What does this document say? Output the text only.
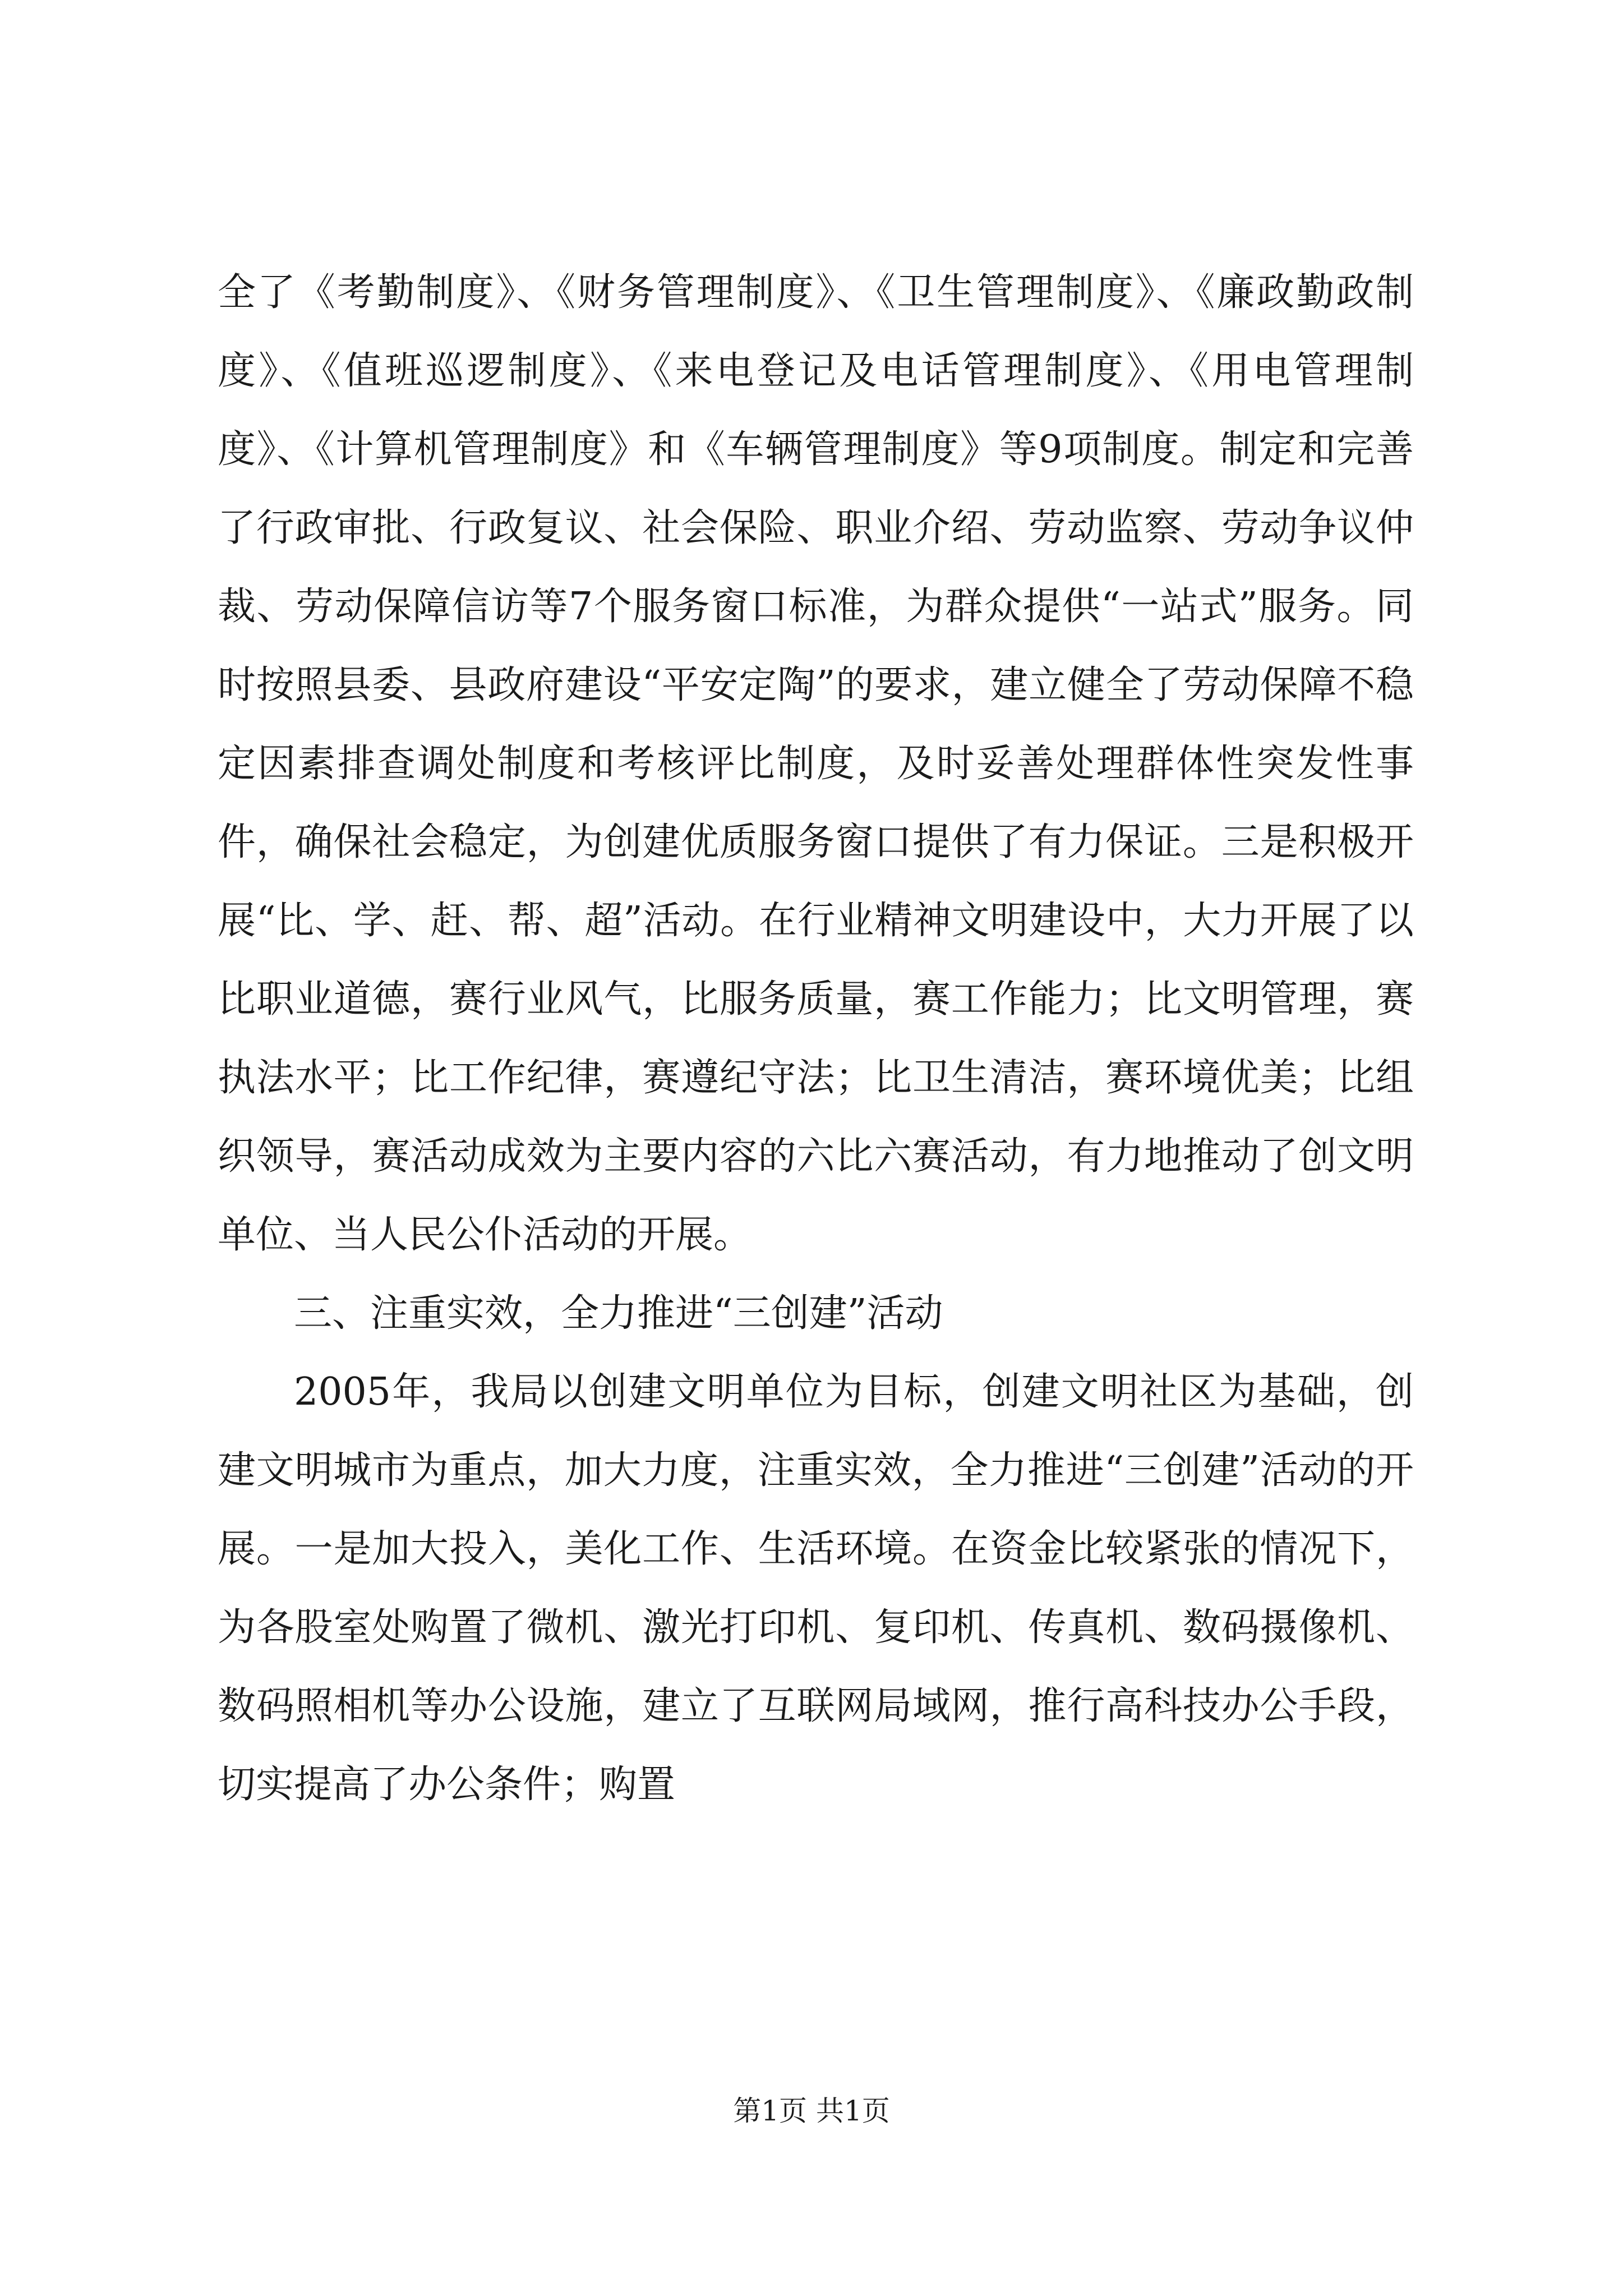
全了《考勤制度》、《财务管理制度》、《卫生管理制度》、《廉政勤政制度》、《值班巡逻制度》、《来电登记及电话管理制度》、《用电管理制度》、《计算机管理制度》和《车辆管理制度》等9项制度。制定和完善了行政审批、行政复议、社会保险、职业介绍、劳动监察、劳动争议仲裁、劳动保障信访等7个服务窗口标准，为群众提供“一站式”服务。同时按照县委、县政府建设“平安定陶”的要求，建立健全了劳动保障不稳定因素排查调处制度和考核评比制度，及时妥善处理群体性突发性事件，确保社会稳定，为创建优质服务窗口提供了有力保证。三是积极开展“比、学、赶、帮、超”活动。在行业精神文明建设中，大力开展了以比职业道德，赛行业风气，比服务质量，赛工作能力；比文明管理，赛执法水平；比工作纪律，赛遵纪守法；比卫生清洁，赛环境优美；比组织领导，赛活动成效为主要内容的六比六赛活动，有力地推动了创文明单位、当人民公仆活动的开展。

三、注重实效，全力推进“三创建”活动

2005年，我局以创建文明单位为目标，创建文明社区为基础，创建文明城市为重点，加大力度，注重实效，全力推进“三创建”活动的开展。一是加大投入，美化工作、生活环境。在资金比较紧张的情况下，为各股室处购置了微机、激光打印机、复印机、传真机、数码摄像机、数码照相机等办公设施，建立了互联网局域网，推行高科技办公手段，切实提高了办公条件；购置

第1页 共1页
